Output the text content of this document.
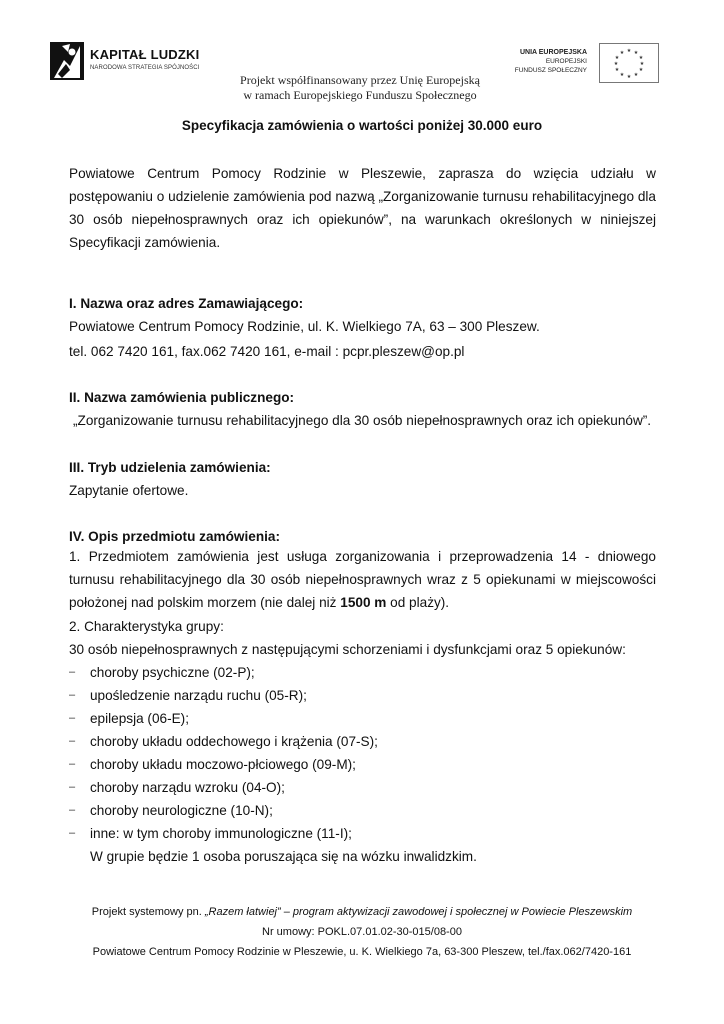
KAPITAŁ LUDZKI
NARODOWA STRATEGIA SPÓJNOŚCI
Projekt współfinansowany przez Unię Europejską
w ramach Europejskiego Funduszu Społecznego
UNIA EUROPEJSKA
EUROPEJSKI
FUNDUSZ SPOŁECZNY
★ ★
★
★
★
★
★
★
★
★
★
★
Specyfikacja zamówienia o wartości poniżej 30.000 euro
Powiatowe Centrum Pomocy Rodzinie w Pleszewie, zaprasza do wzięcia udziału w postępowaniu o udzielenie zamówienia pod nazwą „Zorganizowanie turnusu rehabilitacyjnego dla 30 osób niepełnosprawnych oraz ich opiekunów”, na warunkach określonych w niniejszej Specyfikacji zamówienia.
I. Nazwa oraz adres Zamawiającego:
Powiatowe Centrum Pomocy Rodzinie, ul. K. Wielkiego 7A, 63 – 300 Pleszew.
tel. 062 7420 161, fax.062 7420 161, e-mail : pcpr.pleszew@op.pl
II. Nazwa zamówienia publicznego:
„Zorganizowanie turnusu rehabilitacyjnego dla 30 osób niepełnosprawnych oraz ich opiekunów”.
III. Tryb udzielenia zamówienia:
Zapytanie ofertowe.
IV. Opis przedmiotu zamówienia:
1. Przedmiotem zamówienia jest usługa zorganizowania i przeprowadzenia 14 - dniowego turnusu rehabilitacyjnego dla 30 osób niepełnosprawnych wraz z 5 opiekunami w miejscowości położonej nad polskim morzem (nie dalej niż 1500 m od plaży).
2. Charakterystyka grupy:
30 osób niepełnosprawnych z następującymi schorzeniami i dysfunkcjami oraz 5 opiekunów:
– choroby psychiczne (02-P);
– upośledzenie narządu ruchu (05-R);
– epilepsja (06-E);
– choroby układu oddechowego i krążenia (07-S);
– choroby układu moczowo-płciowego (09-M);
– choroby narządu wzroku (04-O);
– choroby neurologiczne (10-N);
– inne: w tym choroby immunologiczne (11-I);
W grupie będzie 1 osoba poruszająca się na wózku inwalidzkim.
Projekt systemowy pn. „Razem łatwiej” – program aktywizacji zawodowej i społecznej w Powiecie Pleszewskim
Nr umowy: POKL.07.01.02-30-015/08-00
Powiatowe Centrum Pomocy Rodzinie w Pleszewie, u. K. Wielkiego 7a, 63-300 Pleszew, tel./fax.062/7420-161
